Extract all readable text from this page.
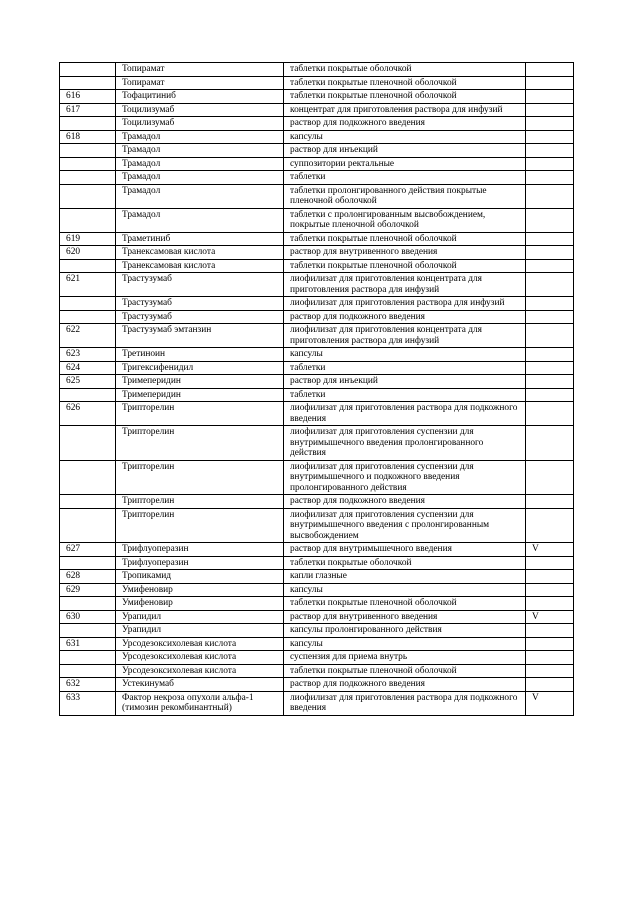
	Топирамат	таблетки покрытые оболочкой	
	Топирамат	таблетки покрытые пленочной оболочкой	
616	Тофацитиниб	таблетки покрытые пленочной оболочкой	
617	Тоцилизумаб	концентрат для приготовления раствора для инфузий	
	Тоцилизумаб	раствор для подкожного введения	
618	Трамадол	капсулы	
	Трамадол	раствор для инъекций	
	Трамадол	суппозитории ректальные	
	Трамадол	таблетки	
	Трамадол	таблетки пролонгированного действия покрытые пленочной оболочкой	
	Трамадол	таблетки с пролонгированным высвобождением, покрытые пленочной оболочкой	
619	Траметиниб	таблетки покрытые пленочной оболочкой	
620	Транексамовая кислота	раствор для внутривенного введения	
	Транексамовая кислота	таблетки покрытые пленочной оболочкой	
621	Трастузумаб	лиофилизат для приготовления концентрата для приготовления раствора для инфузий	
	Трастузумаб	лиофилизат для приготовления раствора для инфузий	
	Трастузумаб	раствор для подкожного введения	
622	Трастузумаб эмтанзин	лиофилизат для приготовления концентрата для приготовления раствора для инфузий	
623	Третиноин	капсулы	
624	Тригексифенидил	таблетки	
625	Тримеперидин	раствор для инъекций	
	Тримеперидин	таблетки	
626	Трипторелин	лиофилизат для приготовления раствора для подкожного введения	
	Трипторелин	лиофилизат для приготовления суспензии для внутримышечного введения пролонгированного действия	
	Трипторелин	лиофилизат для приготовления суспензии для внутримышечного и подкожного введения пролонгированного действия	
	Трипторелин	раствор для подкожного введения	
	Трипторелин	лиофилизат для приготовления суспензии для внутримышечного введения с пролонгированным высвобождением	
627	Трифлуоперазин	раствор для внутримышечного введения	V
	Трифлуоперазин	таблетки покрытые оболочкой	
628	Тропикамид	капли глазные	
629	Умифеновир	капсулы	
	Умифеновир	таблетки покрытые пленочной оболочкой	
630	Урапидил	раствор для внутривенного введения	V
	Урапидил	капсулы пролонгированного действия	
631	Урсодезоксихолевая кислота	капсулы	
	Урсодезоксихолевая кислота	суспензия для приема внутрь	
	Урсодезоксихолевая кислота	таблетки покрытые пленочной оболочкой	
632	Устекинумаб	раствор для подкожного введения	
633	Фактор некроза опухоли альфа-1 (тимозин рекомбинантный)	лиофилизат для приготовления раствора для подкожного введения	V
